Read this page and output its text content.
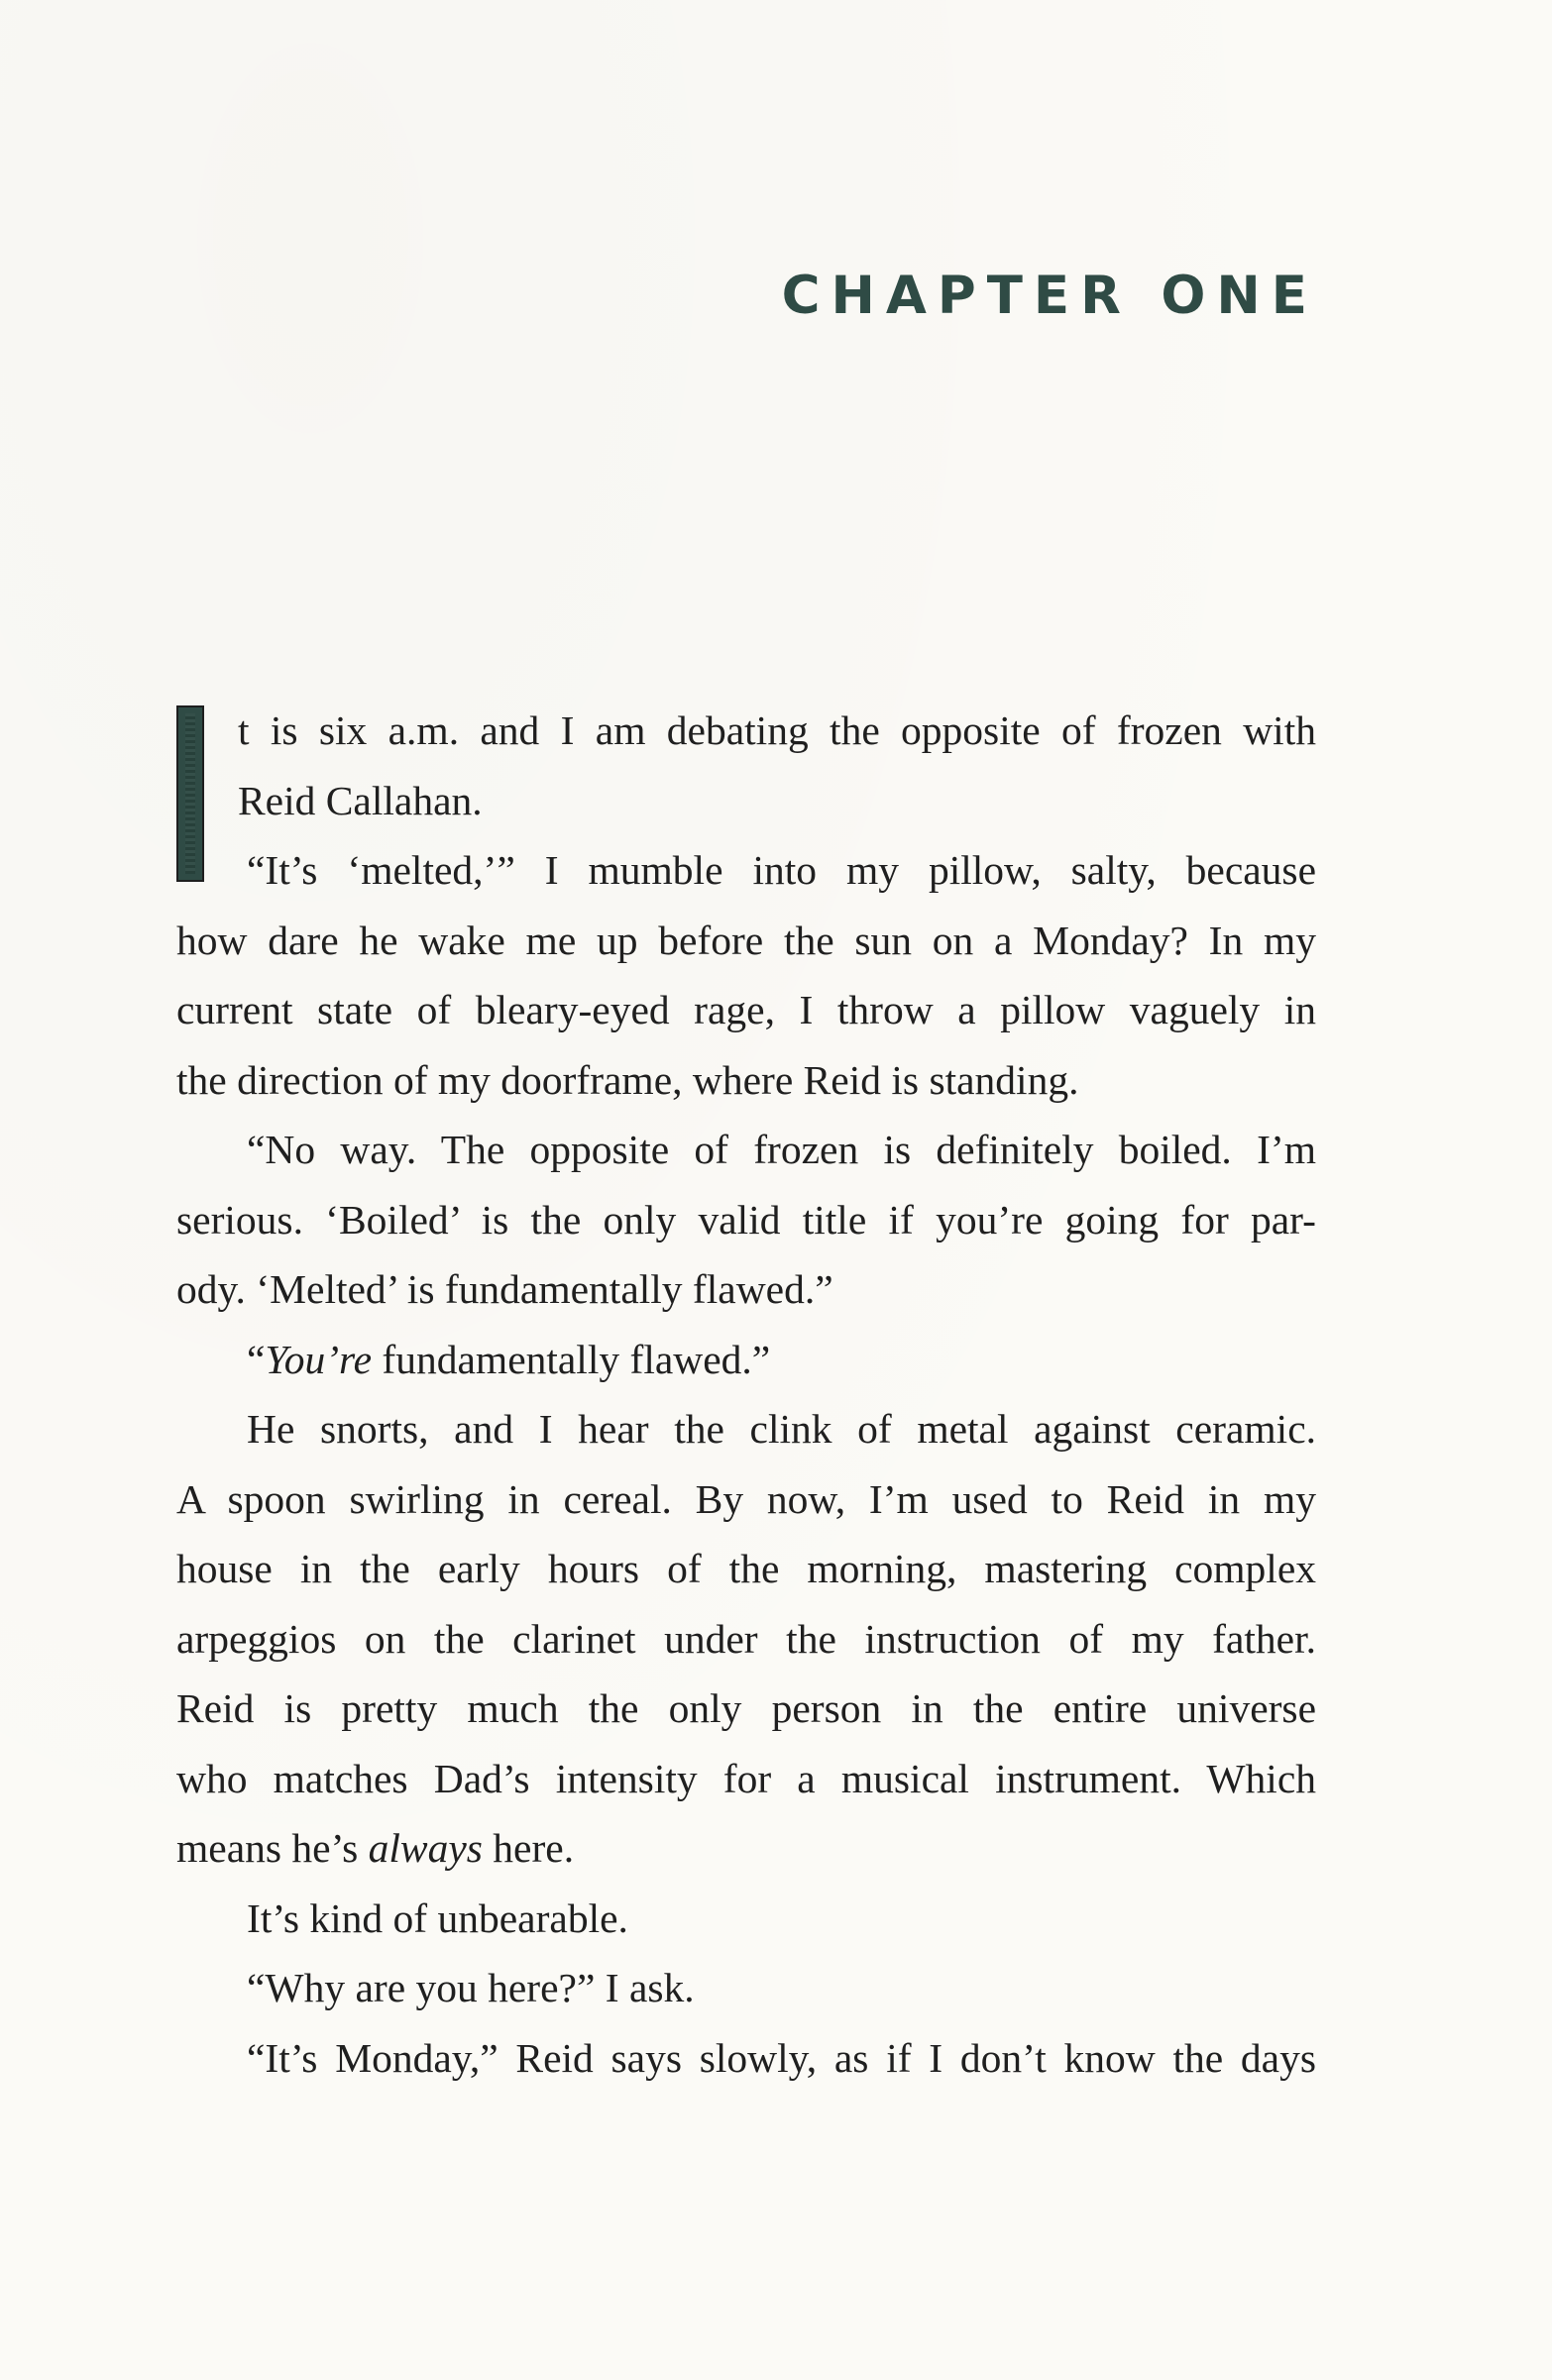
CHAPTER ONE
t is six a.m. and I am debating the opposite of frozen with
Reid Callahan.
“It’s ‘melted,’” I mumble into my pillow, salty, because
how dare he wake me up before the sun on a Monday? In my
current state of bleary-eyed rage, I throw a pillow vaguely in
the direction of my doorframe, where Reid is standing.
“No way. The opposite of frozen is definitely boiled. I’m
serious. ‘Boiled’ is the only valid title if you’re going for par-
ody. ‘Melted’ is fundamentally flawed.”
“You’re fundamentally flawed.”
He snorts, and I hear the clink of metal against ceramic.
A spoon swirling in cereal. By now, I’m used to Reid in my
house in the early hours of the morning, mastering complex
arpeggios on the clarinet under the instruction of my father.
Reid is pretty much the only person in the entire universe
who matches Dad’s intensity for a musical instrument. Which
means he’s always here.
It’s kind of unbearable.
“Why are you here?” I ask.
“It’s Monday,” Reid says slowly, as if I don’t know the days
